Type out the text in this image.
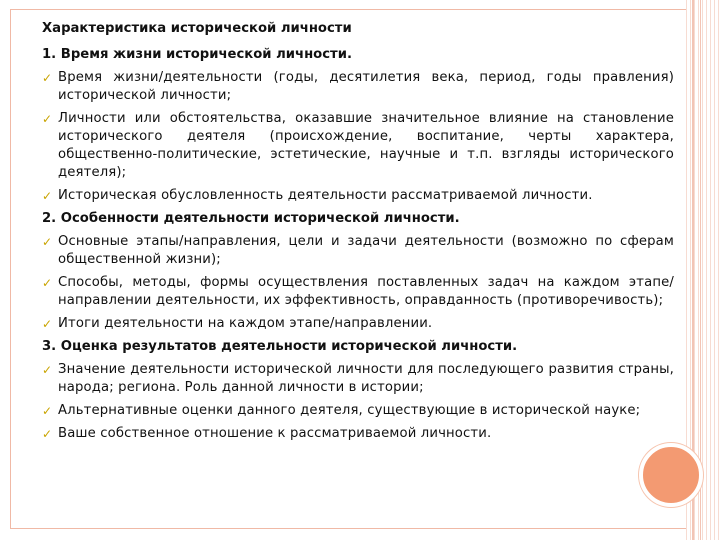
Характеристика исторической личности
1. Время жизни исторической личности.
✓ Время жизни/деятельности (годы, десятилетия века, период, годы правления) исторической личности;
✓ Личности или обстоятельства, оказавшие значительное влияние на становление исторического деятеля (происхождение, воспитание, черты характера, общественно-политические, эстетические, научные и т.п. взгляды исторического деятеля);
✓ Историческая обусловленность деятельности рассматриваемой личности.
2. Особенности деятельности исторической личности.
✓ Основные этапы/направления, цели и задачи деятельности (возможно по сферам общественной жизни);
✓ Способы, методы, формы осуществления поставленных задач на каждом этапе/направлении деятельности, их эффективность, оправданность (противоречивость);
✓ Итоги деятельности на каждом этапе/направлении.
3. Оценка результатов деятельности исторической личности.
✓ Значение деятельности исторической личности для последующего развития страны, народа; региона. Роль данной личности в истории;
✓ Альтернативные оценки данного деятеля, существующие в исторической науке;
✓ Ваше собственное отношение к рассматриваемой личности.
